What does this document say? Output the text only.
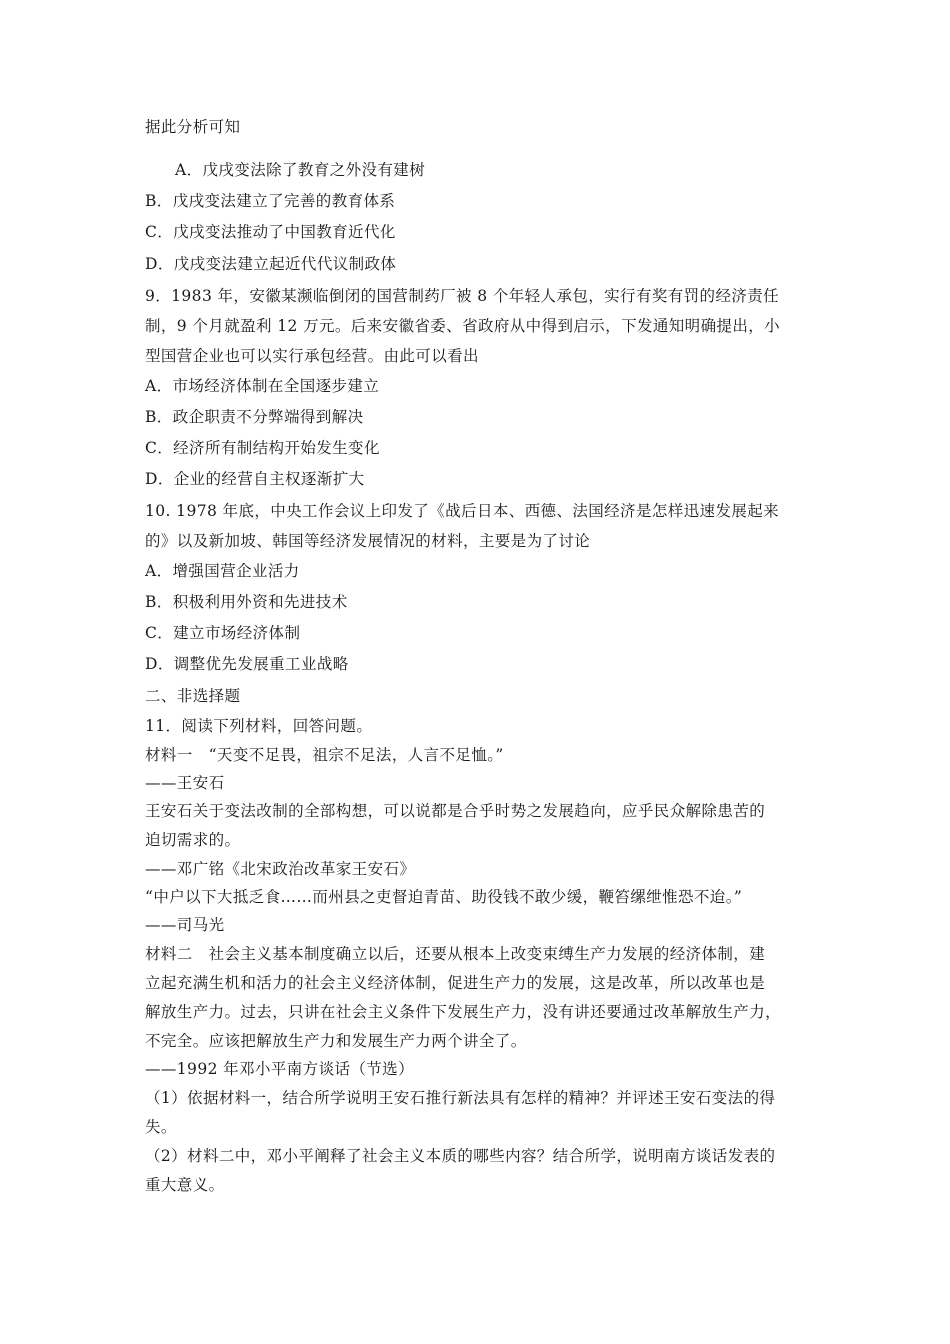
据此分析可知
A．戊戌变法除了教育之外没有建树
B．戊戌变法建立了完善的教育体系
C．戊戌变法推动了中国教育近代化
D．戊戌变法建立起近代代议制政体
9．1983 年，安徽某濒临倒闭的国营制药厂被 8 个年轻人承包，实行有奖有罚的经济责任
制，9 个月就盈利 12 万元。后来安徽省委、省政府从中得到启示，下发通知明确提出，小
型国营企业也可以实行承包经营。由此可以看出
A．市场经济体制在全国逐步建立
B．政企职责不分弊端得到解决
C．经济所有制结构开始发生变化
D．企业的经营自主权逐渐扩大
10. 1978 年底，中央工作会议上印发了《战后日本、西德、法国经济是怎样迅速发展起来
的》以及新加坡、韩国等经济发展情况的材料，主要是为了讨论
A．增强国营企业活力
B．积极利用外资和先进技术
C．建立市场经济体制
D．调整优先发展重工业战略
二、非选择题
11．阅读下列材料，回答问题。
材料一　“天变不足畏，祖宗不足法，人言不足恤。”
——王安石
王安石关于变法改制的全部构想，可以说都是合乎时势之发展趋向，应乎民众解除患苦的
迫切需求的。
——邓广铭《北宋政治改革家王安石》
“中户以下大抵乏食……而州县之吏督迫青苗、助役钱不敢少缓，鞭笞缧绁惟恐不迨。”
——司马光
材料二　社会主义基本制度确立以后，还要从根本上改变束缚生产力发展的经济体制，建
立起充满生机和活力的社会主义经济体制，促进生产力的发展，这是改革，所以改革也是
解放生产力。过去，只讲在社会主义条件下发展生产力，没有讲还要通过改革解放生产力，
不完全。应该把解放生产力和发展生产力两个讲全了。
——1992 年邓小平南方谈话（节选）
（1）依据材料一，结合所学说明王安石推行新法具有怎样的精神？并评述王安石变法的得
失。
（2）材料二中，邓小平阐释了社会主义本质的哪些内容？结合所学，说明南方谈话发表的
重大意义。
